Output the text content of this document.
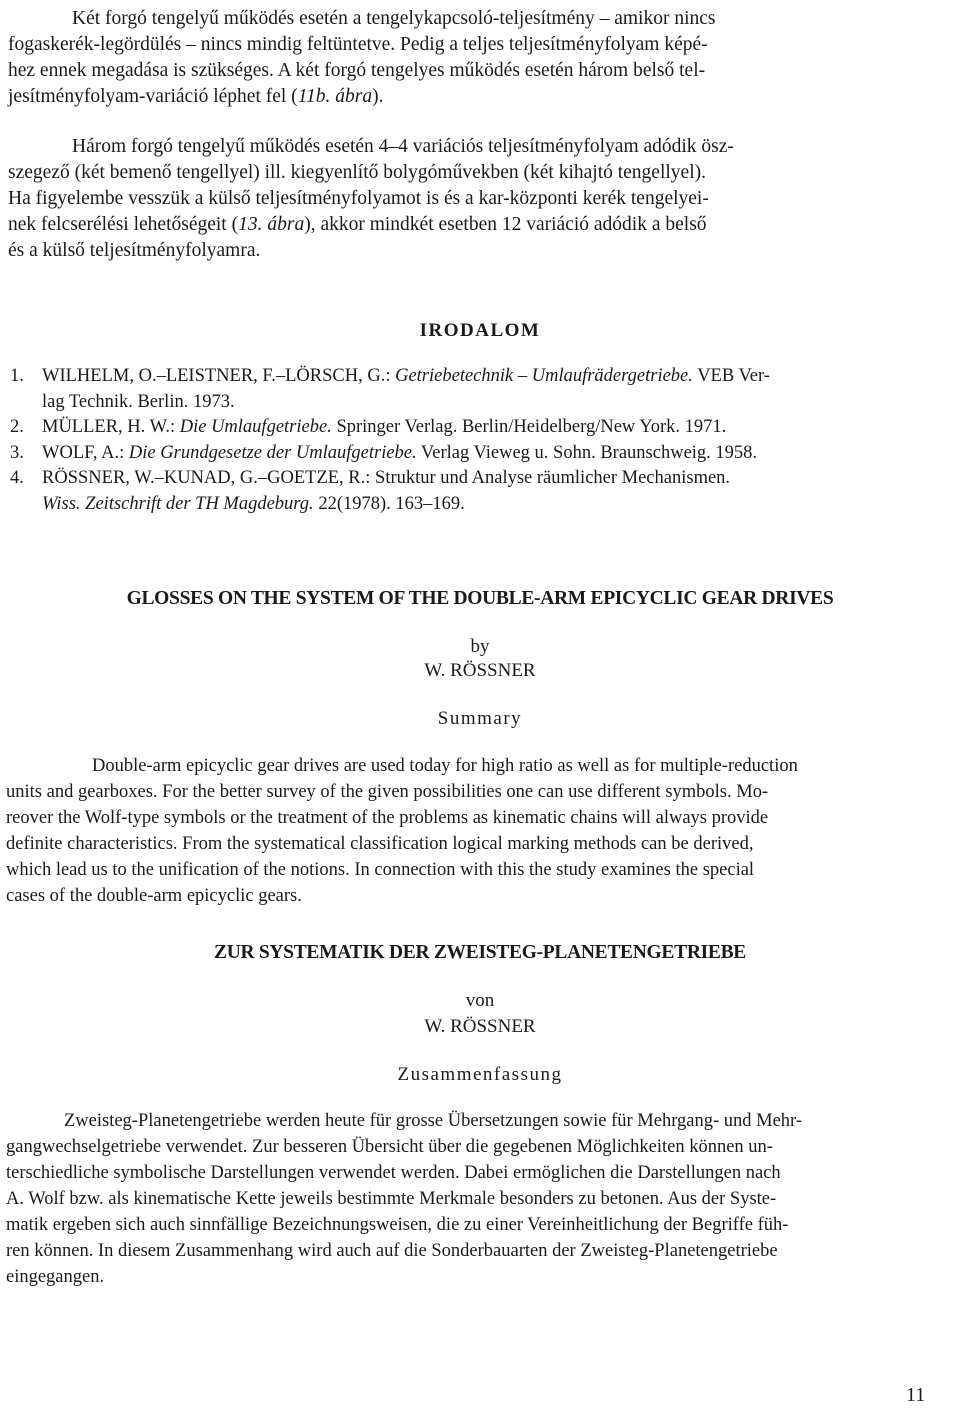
Két forgó tengelyű működés esetén a tengelykapcsoló-teljesítmény – amikor nincs
fogaskerék-legördülés – nincs mindig feltüntetve. Pedig a teljes teljesítményfolyam képé-
hez ennek megadása is szükséges. A két forgó tengelyes működés esetén három belső tel-
jesítményfolyam-variáció léphet fel (11b. ábra).

Három forgó tengelyű működés esetén 4–4 variációs teljesítményfolyam adódik ösz-
szegező (két bemenő tengellyel) ill. kiegyenlítő bolygóművekben (két kihajtó tengellyel).
Ha figyelembe vesszük a külső teljesítményfolyamot is és a kar-központi kerék tengelyei-
nek felcserélési lehetőségeit (13. ábra), akkor mindkét esetben 12 variáció adódik a belső
és a külső teljesítményfolyamra.

IRODALOM
1. WILHELM, O.–LEISTNER, F.–LÖRSCH, G.: Getriebetechnik – Umlaufrädergetriebe. VEB Ver-
lag Technik. Berlin. 1973.
2. MÜLLER, H. W.: Die Umlaufgetriebe. Springer Verlag. Berlin/Heidelberg/New York. 1971.
3. WOLF, A.: Die Grundgesetze der Umlaufgetriebe. Verlag Vieweg u. Sohn. Braunschweig. 1958.
4. RÖSSNER, W.–KUNAD, G.–GOETZE, R.: Struktur und Analyse räumlicher Mechanismen.
Wiss. Zeitschrift der TH Magdeburg. 22(1978). 163–169.
GLOSSES ON THE SYSTEM OF THE DOUBLE-ARM EPICYCLIC GEAR DRIVES

by

W. RÖSSNER

Summary

Double-arm epicyclic gear drives are used today for high ratio as well as for multiple-reduction
units and gearboxes. For the better survey of the given possibilities one can use different symbols. Mo-
reover the Wolf-type symbols or the treatment of the problems as kinematic chains will always provide
definite characteristics. From the systematical classification logical marking methods can be derived,
which lead us to the unification of the notions. In connection with this the study examines the special
cases of the double-arm epicyclic gears.

ZUR SYSTEMATIK DER ZWEISTEG-PLANETENGETRIEBE

von

W. RÖSSNER

Zusammenfassung

Zweisteg-Planetengetriebe werden heute für grosse Übersetzungen sowie für Mehrgang- und Mehr-
gangwechselgetriebe verwendet. Zur besseren Übersicht über die gegebenen Möglichkeiten können un-
terschiedliche symbolische Darstellungen verwendet werden. Dabei ermöglichen die Darstellungen nach
A. Wolf bzw. als kinematische Kette jeweils bestimmte Merkmale besonders zu betonen. Aus der Syste-
matik ergeben sich auch sinnfällige Bezeichnungsweisen, die zu einer Vereinheitlichung der Begriffe füh-
ren können. In diesem Zusammenhang wird auch auf die Sonderbauarten der Zweisteg-Planetengetriebe
eingegangen.

11
